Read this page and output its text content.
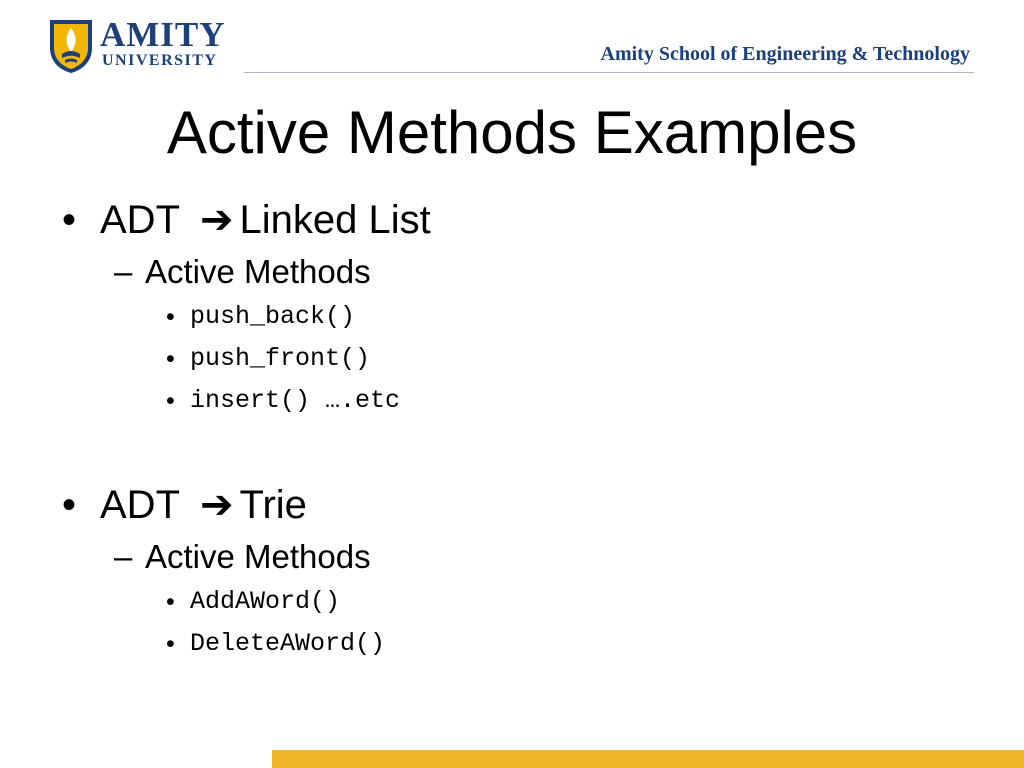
AMITY
UNIVERSITY	Amity School of Engineering & Technology
Active Methods Examples
• ADT ➔ Linked List
– Active Methods
• push_back()
• push_front()
• insert() ….etc
• ADT ➔ Trie
– Active Methods
• AddAWord()
• DeleteAWord()
